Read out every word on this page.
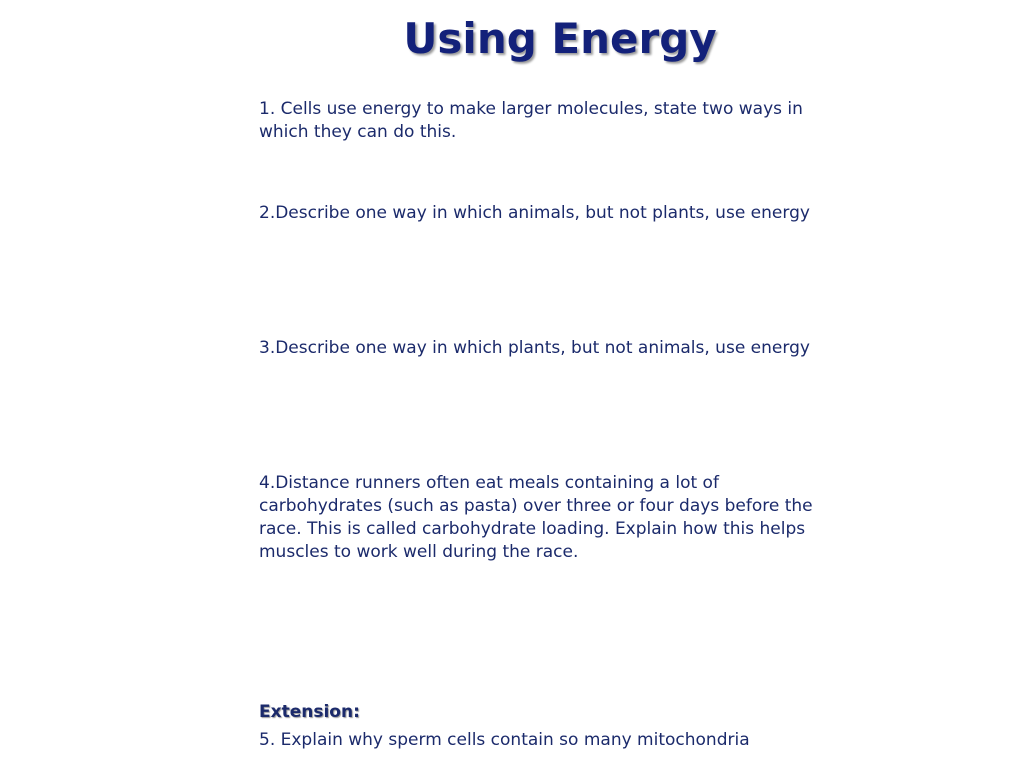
Using Energy
1. Cells use energy to make larger molecules, state two ways in which they can do this.
2.Describe one way in which animals, but not plants, use energy
3.Describe one way in which plants, but not animals, use energy
4.Distance runners often eat meals containing a lot of carbohydrates (such as pasta) over three or four days before the race. This is called carbohydrate loading. Explain how this helps muscles to work well during the race.
Extension:
5. Explain why sperm cells contain so many mitochondria
